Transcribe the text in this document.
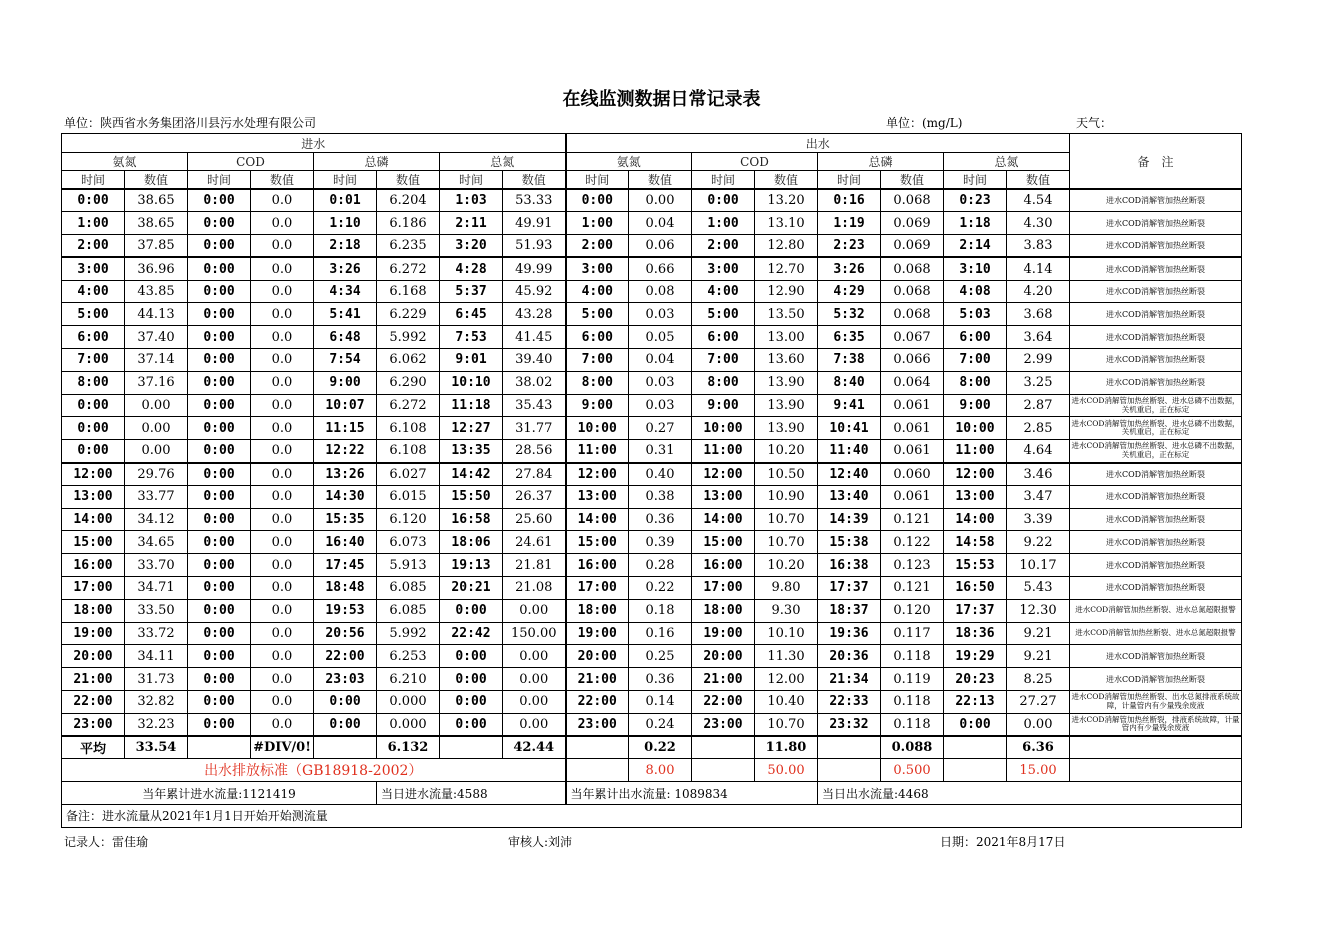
在线监测数据日常记录表
单位：陕西省水务集团洛川县污水处理有限公司	单位：(mg/L)	天气：
进水								出水								备　注
氨氮		COD		总磷		总氮		氨氮		COD		总磷		总氮		
时间	数值	时间	数值	时间	数值	时间	数值	时间	数值	时间	数值	时间	数值	时间	数值	
0:00	38.65	0:00	0.0	0:01	6.204	1:03	53.33	0:00	0.00	0:00	13.20	0:16	0.068	0:23	4.54	进水COD消解管加热丝断裂
1:00	38.65	0:00	0.0	1:10	6.186	2:11	49.91	1:00	0.04	1:00	13.10	1:19	0.069	1:18	4.30	进水COD消解管加热丝断裂
2:00	37.85	0:00	0.0	2:18	6.235	3:20	51.93	2:00	0.06	2:00	12.80	2:23	0.069	2:14	3.83	进水COD消解管加热丝断裂
3:00	36.96	0:00	0.0	3:26	6.272	4:28	49.99	3:00	0.66	3:00	12.70	3:26	0.068	3:10	4.14	进水COD消解管加热丝断裂
4:00	43.85	0:00	0.0	4:34	6.168	5:37	45.92	4:00	0.08	4:00	12.90	4:29	0.068	4:08	4.20	进水COD消解管加热丝断裂
5:00	44.13	0:00	0.0	5:41	6.229	6:45	43.28	5:00	0.03	5:00	13.50	5:32	0.068	5:03	3.68	进水COD消解管加热丝断裂
6:00	37.40	0:00	0.0	6:48	5.992	7:53	41.45	6:00	0.05	6:00	13.00	6:35	0.067	6:00	3.64	进水COD消解管加热丝断裂
7:00	37.14	0:00	0.0	7:54	6.062	9:01	39.40	7:00	0.04	7:00	13.60	7:38	0.066	7:00	2.99	进水COD消解管加热丝断裂
8:00	37.16	0:00	0.0	9:00	6.290	10:10	38.02	8:00	0.03	8:00	13.90	8:40	0.064	8:00	3.25	进水COD消解管加热丝断裂
0:00	0.00	0:00	0.0	10:07	6.272	11:18	35.43	9:00	0.03	9:00	13.90	9:41	0.061	9:00	2.87	进水COD消解管加热丝断裂、进水总磷不出数据，关机重启，正在标定
0:00	0.00	0:00	0.0	11:15	6.108	12:27	31.77	10:00	0.27	10:00	13.90	10:41	0.061	10:00	2.85	进水COD消解管加热丝断裂、进水总磷不出数据，关机重启，正在标定
0:00	0.00	0:00	0.0	12:22	6.108	13:35	28.56	11:00	0.31	11:00	10.20	11:40	0.061	11:00	4.64	进水COD消解管加热丝断裂、进水总磷不出数据，关机重启，正在标定
12:00	29.76	0:00	0.0	13:26	6.027	14:42	27.84	12:00	0.40	12:00	10.50	12:40	0.060	12:00	3.46	进水COD消解管加热丝断裂
13:00	33.77	0:00	0.0	14:30	6.015	15:50	26.37	13:00	0.38	13:00	10.90	13:40	0.061	13:00	3.47	进水COD消解管加热丝断裂
14:00	34.12	0:00	0.0	15:35	6.120	16:58	25.60	14:00	0.36	14:00	10.70	14:39	0.121	14:00	3.39	进水COD消解管加热丝断裂
15:00	34.65	0:00	0.0	16:40	6.073	18:06	24.61	15:00	0.39	15:00	10.70	15:38	0.122	14:58	9.22	进水COD消解管加热丝断裂
16:00	33.70	0:00	0.0	17:45	5.913	19:13	21.81	16:00	0.28	16:00	10.20	16:38	0.123	15:53	10.17	进水COD消解管加热丝断裂
17:00	34.71	0:00	0.0	18:48	6.085	20:21	21.08	17:00	0.22	17:00	9.80	17:37	0.121	16:50	5.43	进水COD消解管加热丝断裂
18:00	33.50	0:00	0.0	19:53	6.085	0:00	0.00	18:00	0.18	18:00	9.30	18:37	0.120	17:37	12.30	进水COD消解管加热丝断裂、进水总氮超限报警
19:00	33.72	0:00	0.0	20:56	5.992	22:42	150.00	19:00	0.16	19:00	10.10	19:36	0.117	18:36	9.21	进水COD消解管加热丝断裂、进水总氮超限报警
20:00	34.11	0:00	0.0	22:00	6.253	0:00	0.00	20:00	0.25	20:00	11.30	20:36	0.118	19:29	9.21	进水COD消解管加热丝断裂
21:00	31.73	0:00	0.0	23:03	6.210	0:00	0.00	21:00	0.36	21:00	12.00	21:34	0.119	20:23	8.25	进水COD消解管加热丝断裂
22:00	32.82	0:00	0.0	0:00	0.000	0:00	0.00	22:00	0.14	22:00	10.40	22:33	0.118	22:13	27.27	进水COD消解管加热丝断裂、出水总氮排液系统故障，计量管内有少量残余废液
23:00	32.23	0:00	0.0	0:00	0.000	0:00	0.00	23:00	0.24	23:00	10.70	23:32	0.118	0:00	0.00	进水COD消解管加热丝断裂，排液系统故障，计量管内有少量残余废液
平均	33.54		#DIV/0!		6.132		42.44		0.22		11.80		0.088		6.36	
出水排放标准（GB18918-2002）									8.00		50.00		0.500		15.00	
当年累计进水流量:1121419					当日进水流量:4588			当年累计出水流量: 1089834				当日出水流量:4468				
备注：进水流量从2021年1月1日开始开始测流量																
记录人：雷佳瑜	审核人:刘沛	日期：2021年8月17日
